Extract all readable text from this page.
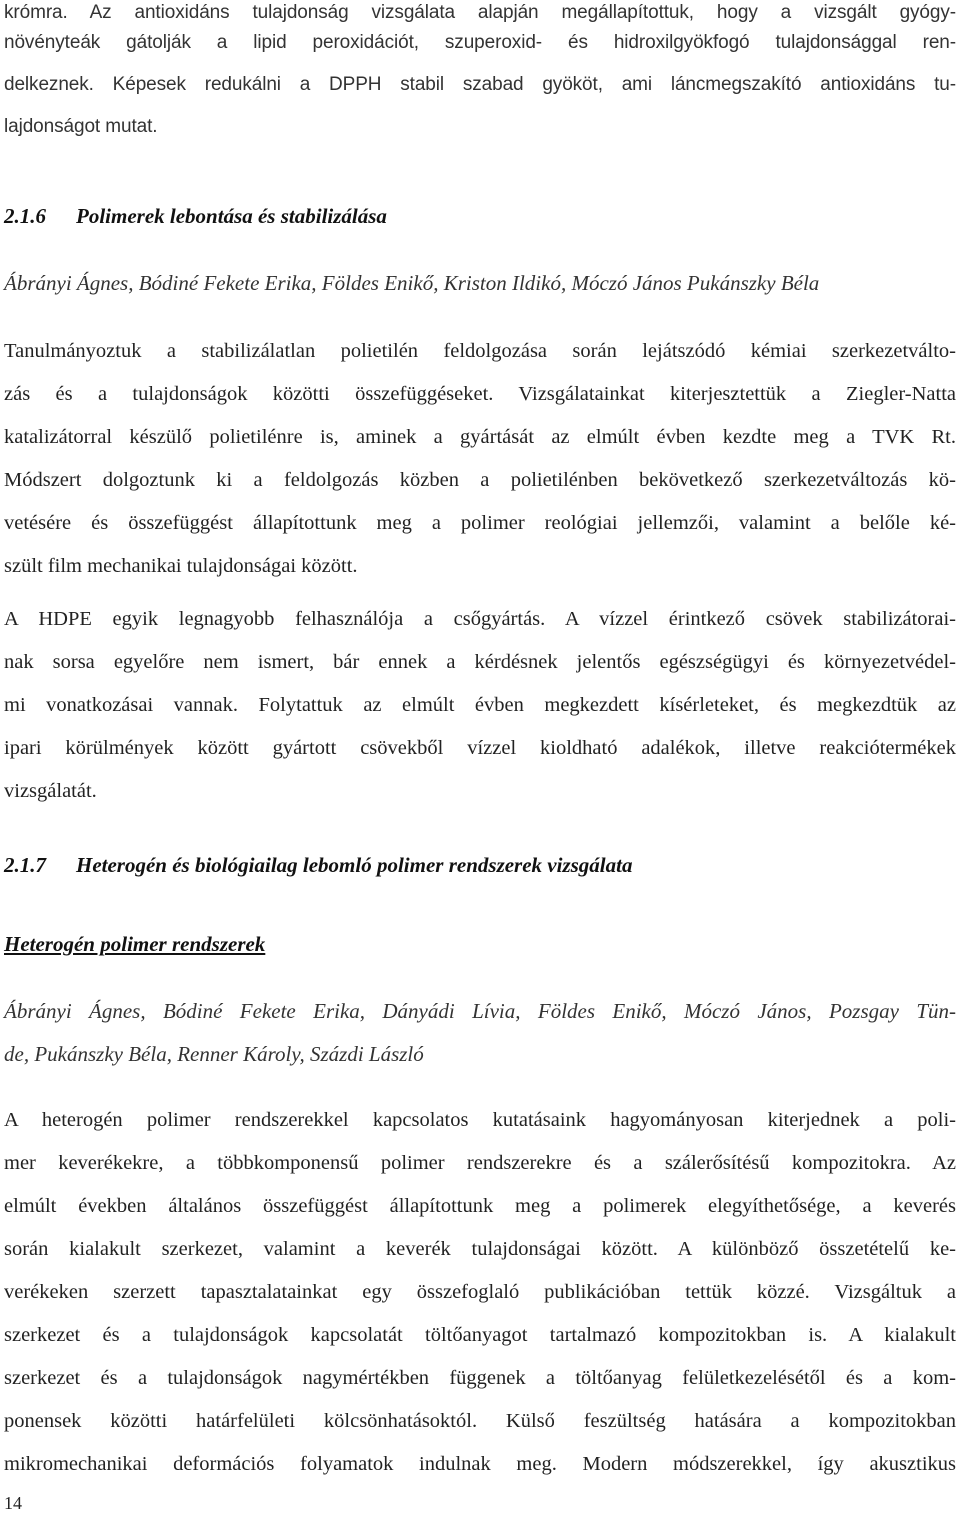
krómra. Az antioxidáns tulajdonság vizsgálata alapján megállapítottuk, hogy a vizsgált gyógy-
növényteák gátolják a lipid peroxidációt, szuperoxid- és hidroxilgyökfogó tulajdonsággal ren-
delkeznek. Képesek redukálni a DPPH stabil szabad gyököt, ami láncmegszakító antioxidáns tu-
lajdonságot mutat.
2.1.6 Polimerek lebontása és stabilizálása
Ábrányi Ágnes, Bódiné Fekete Erika, Földes Enikő, Kriston Ildikó, Móczó János Pukánszky Béla
Tanulmányoztuk a stabilizálatlan polietilén feldolgozása során lejátszódó kémiai szerkezetválto-
zás és a tulajdonságok közötti összefüggéseket. Vizsgálatainkat kiterjesztettük a Ziegler-Natta
katalizátorral készülő polietilénre is, aminek a gyártását az elmúlt évben kezdte meg a TVK Rt.
Módszert dolgoztunk ki a feldolgozás közben a polietilénben bekövetkező szerkezetváltozás kö-
vetésére és összefüggést állapítottunk meg a polimer reológiai jellemzői, valamint a belőle ké-
szült film mechanikai tulajdonságai között.
A HDPE egyik legnagyobb felhasználója a csőgyártás. A vízzel érintkező csövek stabilizátorai-
nak sorsa egyelőre nem ismert, bár ennek a kérdésnek jelentős egészségügyi és környezetvédel-
mi vonatkozásai vannak. Folytattuk az elmúlt évben megkezdett kísérleteket, és megkezdtük az
ipari körülmények között gyártott csövekből vízzel kioldható adalékok, illetve reakciótermékek
vizsgálatát.
2.1.7 Heterogén és biológiailag lebomló polimer rendszerek vizsgálata
Heterogén polimer rendszerek
Ábrányi Ágnes, Bódiné Fekete Erika, Dányádi Lívia, Földes Enikő, Móczó János, Pozsgay Tün-
de, Pukánszky Béla, Renner Károly, Százdi László
A heterogén polimer rendszerekkel kapcsolatos kutatásaink hagyományosan kiterjednek a poli-
mer keverékekre, a többkomponensű polimer rendszerekre és a szálerősítésű kompozitokra. Az
elmúlt években általános összefüggést állapítottunk meg a polimerek elegyíthetősége, a keverés
során kialakult szerkezet, valamint a keverék tulajdonságai között. A különböző összetételű ke-
verékeken szerzett tapasztalatainkat egy összefoglaló publikációban tettük közzé. Vizsgáltuk a
szerkezet és a tulajdonságok kapcsolatát töltőanyagot tartalmazó kompozitokban is. A kialakult
szerkezet és a tulajdonságok nagymértékben függenek a töltőanyag felületkezelésétől és a kom-
ponensek közötti határfelületi kölcsönhatásoktól. Külső feszültség hatására a kompozitokban
mikromechanikai deformációs folyamatok indulnak meg. Modern módszerekkel, így akusztikus
14
